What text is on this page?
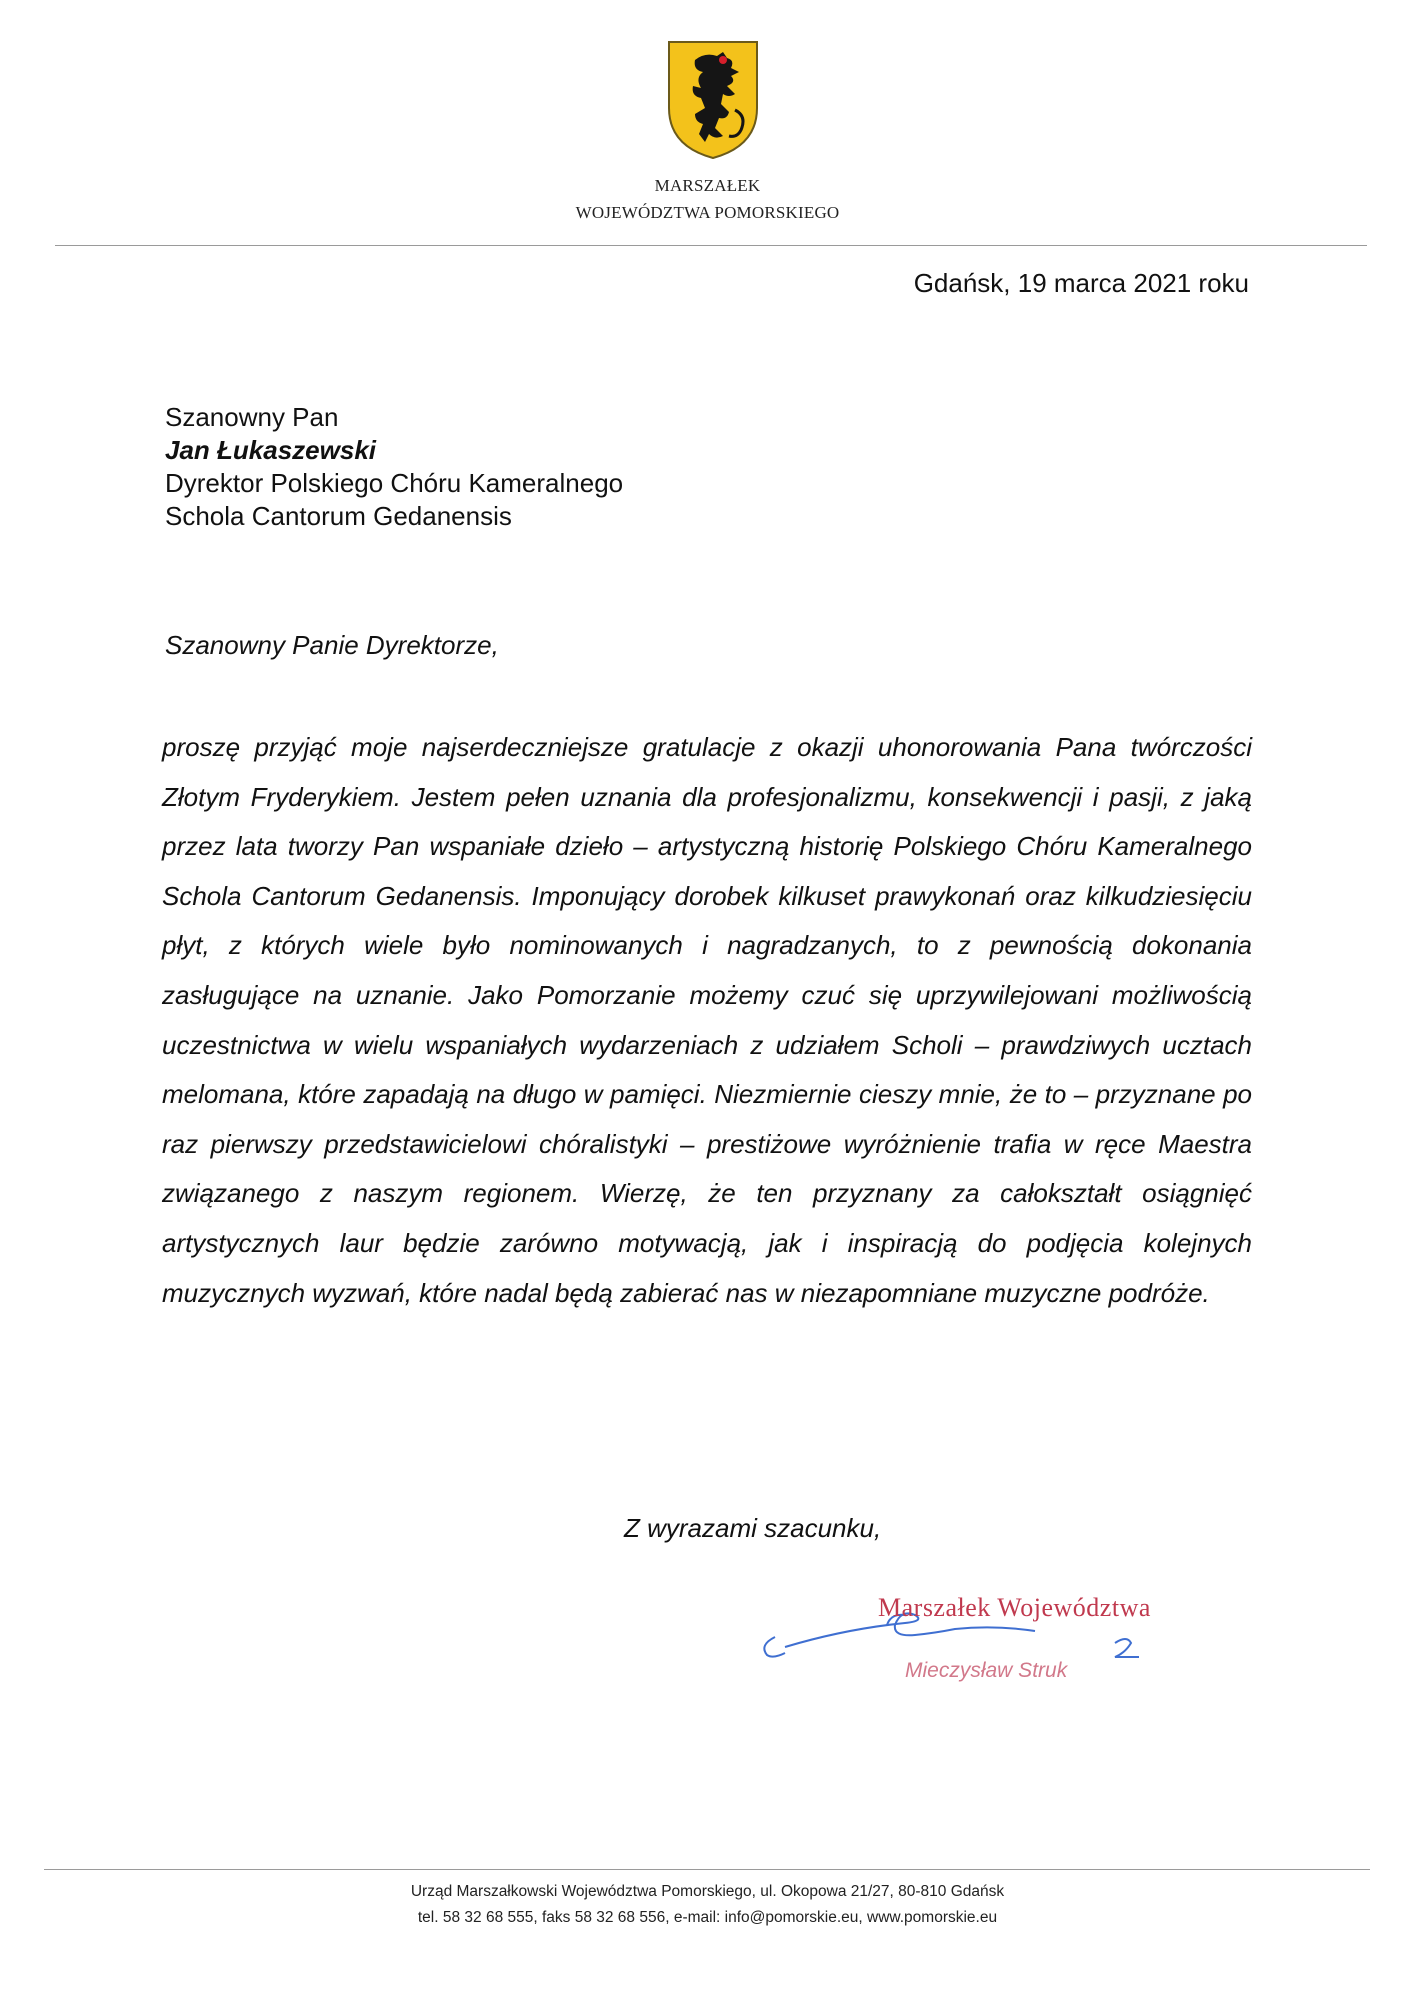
MARSZAŁEK
WOJEWÓDZTWA POMORSKIEGO
Gdańsk, 19 marca 2021 roku
Szanowny Pan
Jan Łukaszewski
Dyrektor Polskiego Chóru Kameralnego
Schola Cantorum Gedanensis
Szanowny Panie Dyrektorze,
proszę przyjąć moje najserdeczniejsze gratulacje z okazji uhonorowania Pana twórczości Złotym Fryderykiem. Jestem pełen uznania dla profesjonalizmu, konsekwencji i pasji, z jaką przez lata tworzy Pan wspaniałe dzieło – artystyczną historię Polskiego Chóru Kameralnego Schola Cantorum Gedanensis. Imponujący dorobek kilkuset prawykonań oraz kilkudziesięciu płyt, z których wiele było nominowanych i nagradzanych, to z pewnością dokonania zasługujące na uznanie. Jako Pomorzanie możemy czuć się uprzywilejowani możliwością uczestnictwa w wielu wspaniałych wydarzeniach z udziałem Scholi – prawdziwych ucztach melomana, które zapadają na długo w pamięci. Niezmiernie cieszy mnie, że to – przyznane po raz pierwszy przedstawicielowi chóralistyki – prestiżowe wyróżnienie trafia w ręce Maestra związanego z naszym regionem. Wierzę, że ten przyznany za całokształt osiągnięć artystycznych laur będzie zarówno motywacją, jak i inspiracją do podjęcia kolejnych muzycznych wyzwań, które nadal będą zabierać nas w niezapomniane muzyczne podróże.
Z wyrazami szacunku,
Marszałek Województwa
Mieczysław Struk
Urząd Marszałkowski Województwa Pomorskiego, ul. Okopowa 21/27, 80-810 Gdańsk
tel. 58 32 68 555, faks 58 32 68 556, e-mail: info@pomorskie.eu, www.pomorskie.eu
